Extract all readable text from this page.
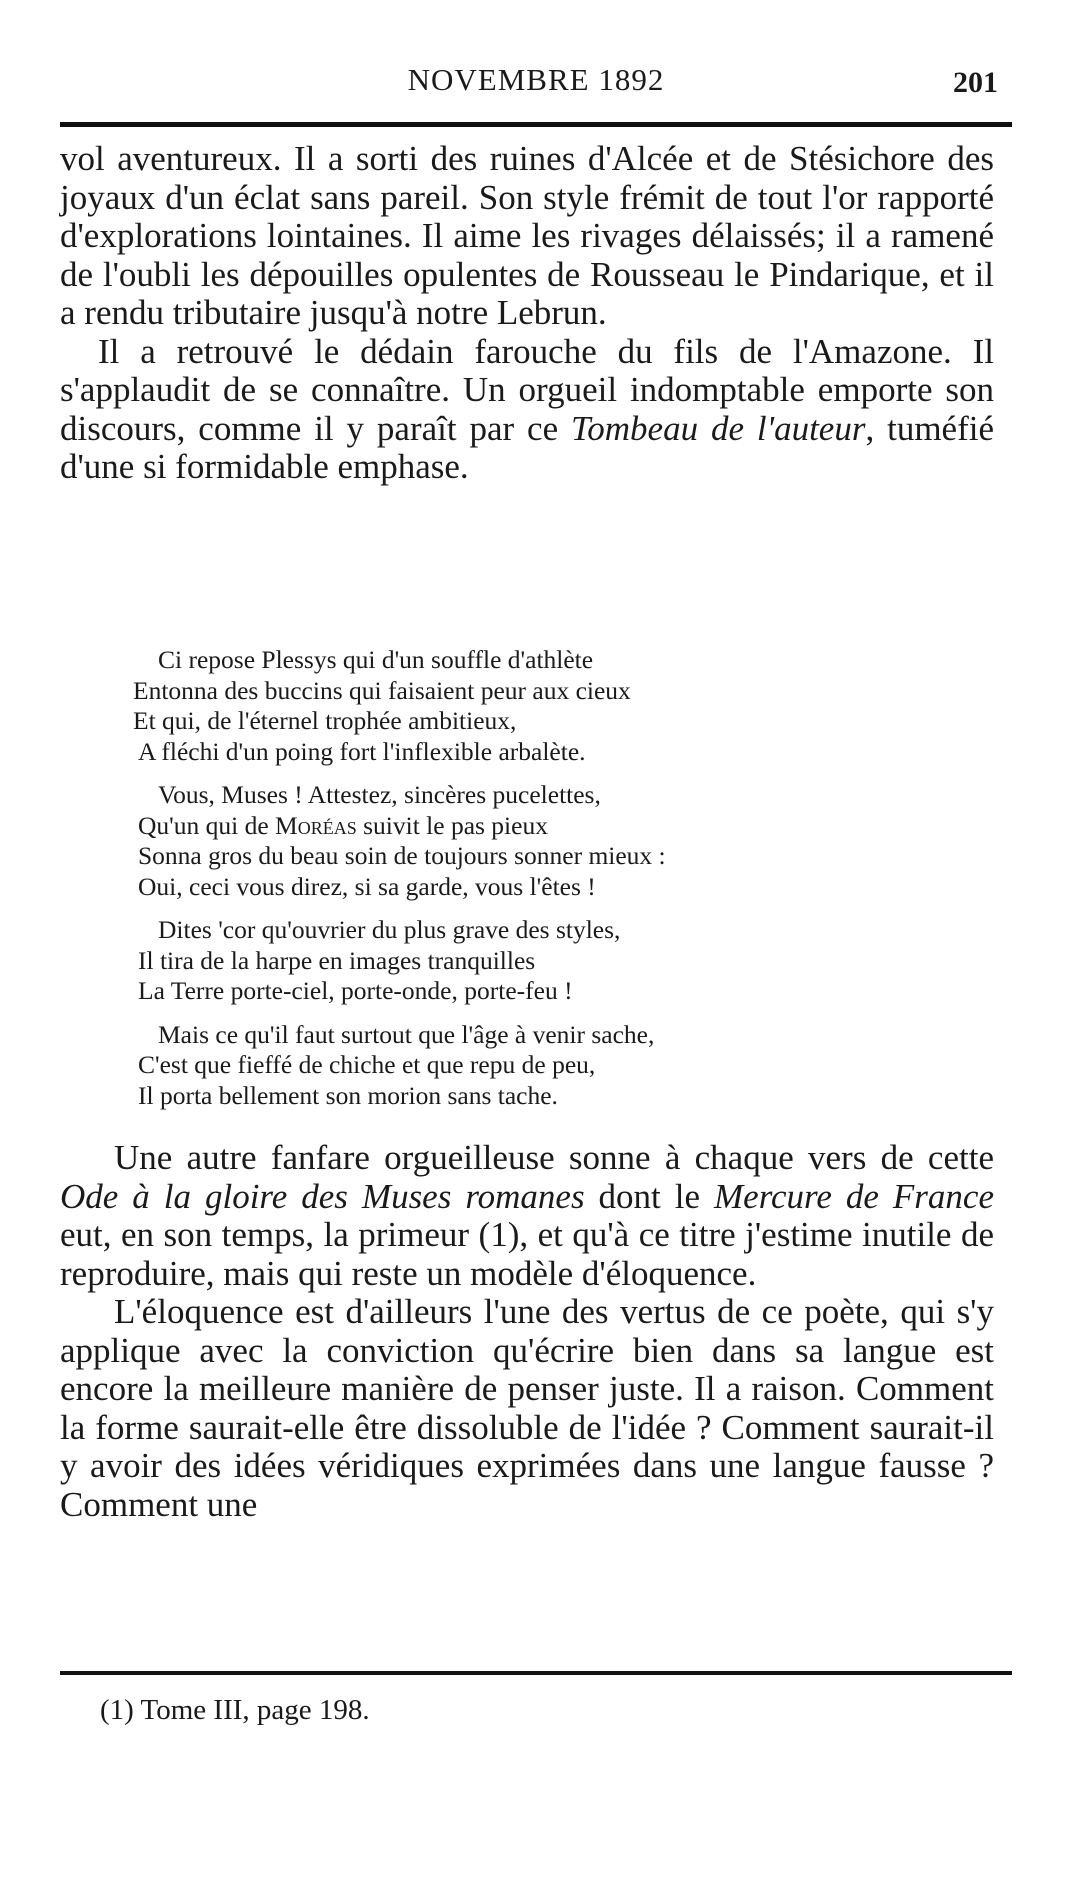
NOVEMBRE 1892	201

vol aventureux. Il a sorti des ruines d'Alcée et de Stésichore des joyaux d'un éclat sans pareil. Son style frémit de tout l'or rapporté d'explorations lointaines. Il aime les rivages délaissés; il a ramené de l'oubli les dépouilles opulentes de Rousseau le Pindarique, et il a rendu tributaire jusqu'à notre Lebrun.

Il a retrouvé le dédain farouche du fils de l'Amazone. Il s'applaudit de se connaître. Un orgueil indomptable emporte son discours, comme il y paraît par ce Tombeau de l'auteur, tuméfié d'une si formidable emphase.

Ci repose Plessys qui d'un souffle d'athlète
Entonna des buccins qui faisaient peur aux cieux
Et qui, de l'éternel trophée ambitieux,
A fléchi d'un poing fort l'inflexible arbalète.
Vous, Muses ! Attestez, sincères pucelettes,
Qu'un qui de Moréas suivit le pas pieux
Sonna gros du beau soin de toujours sonner mieux :
Oui, ceci vous direz, si sa garde, vous l'êtes !
Dites 'cor qu'ouvrier du plus grave des styles,
Il tira de la harpe en images tranquilles
La Terre porte-ciel, porte-onde, porte-feu !
Mais ce qu'il faut surtout que l'âge à venir sache,
C'est que fieffé de chiche et que repu de peu,
Il porta bellement son morion sans tache.

Une autre fanfare orgueilleuse sonne à chaque vers de cette Ode à la gloire des Muses romanes dont le Mercure de France eut, en son temps, la primeur (1), et qu'à ce titre j'estime inutile de reproduire, mais qui reste un modèle d'éloquence.

L'éloquence est d'ailleurs l'une des vertus de ce poète, qui s'y applique avec la conviction qu'écrire bien dans sa langue est encore la meilleure manière de penser juste. Il a raison. Comment la forme saurait-elle être dissoluble de l'idée ? Comment saurait-il y avoir des idées véridiques exprimées dans une langue fausse ? Comment une

(1) Tome III, page 198.
